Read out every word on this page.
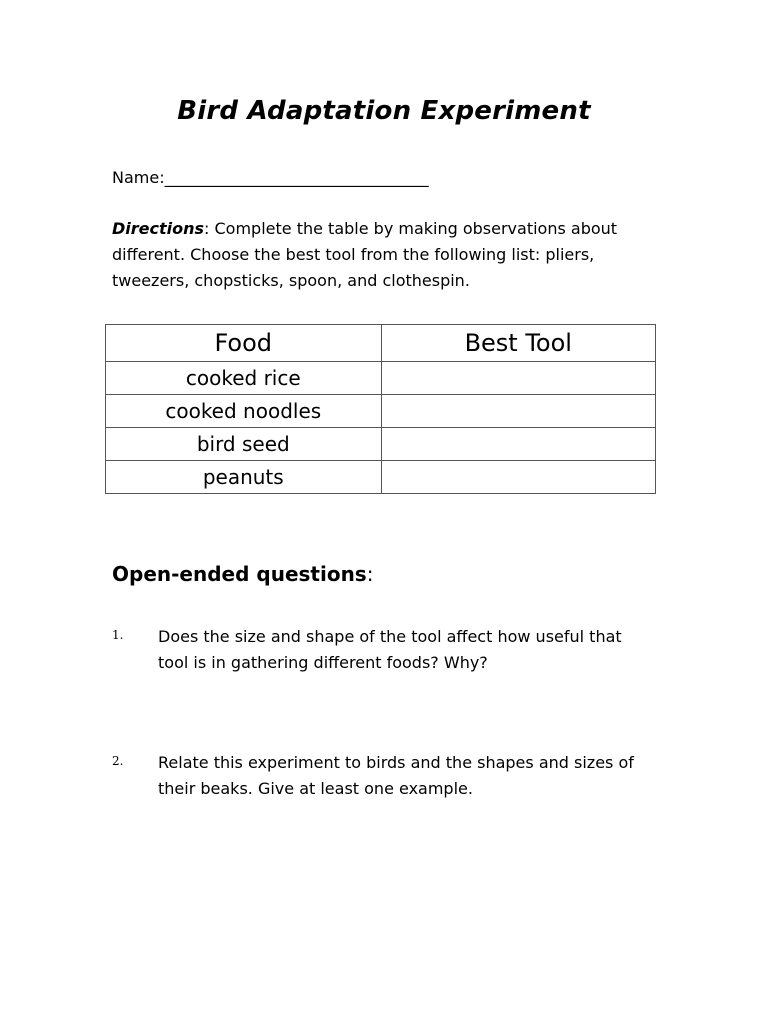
Bird Adaptation Experiment
Name:_________________________________
Directions: Complete the table by making observations about different. Choose the best tool from the following list: pliers, tweezers, chopsticks, spoon, and clothespin.
Food	Best Tool
cooked rice	
cooked noodles	
bird seed	
peanuts	
Open-ended questions:
1. Does the size and shape of the tool affect how useful that tool is in gathering different foods? Why?
2. Relate this experiment to birds and the shapes and sizes of their beaks. Give at least one example.
